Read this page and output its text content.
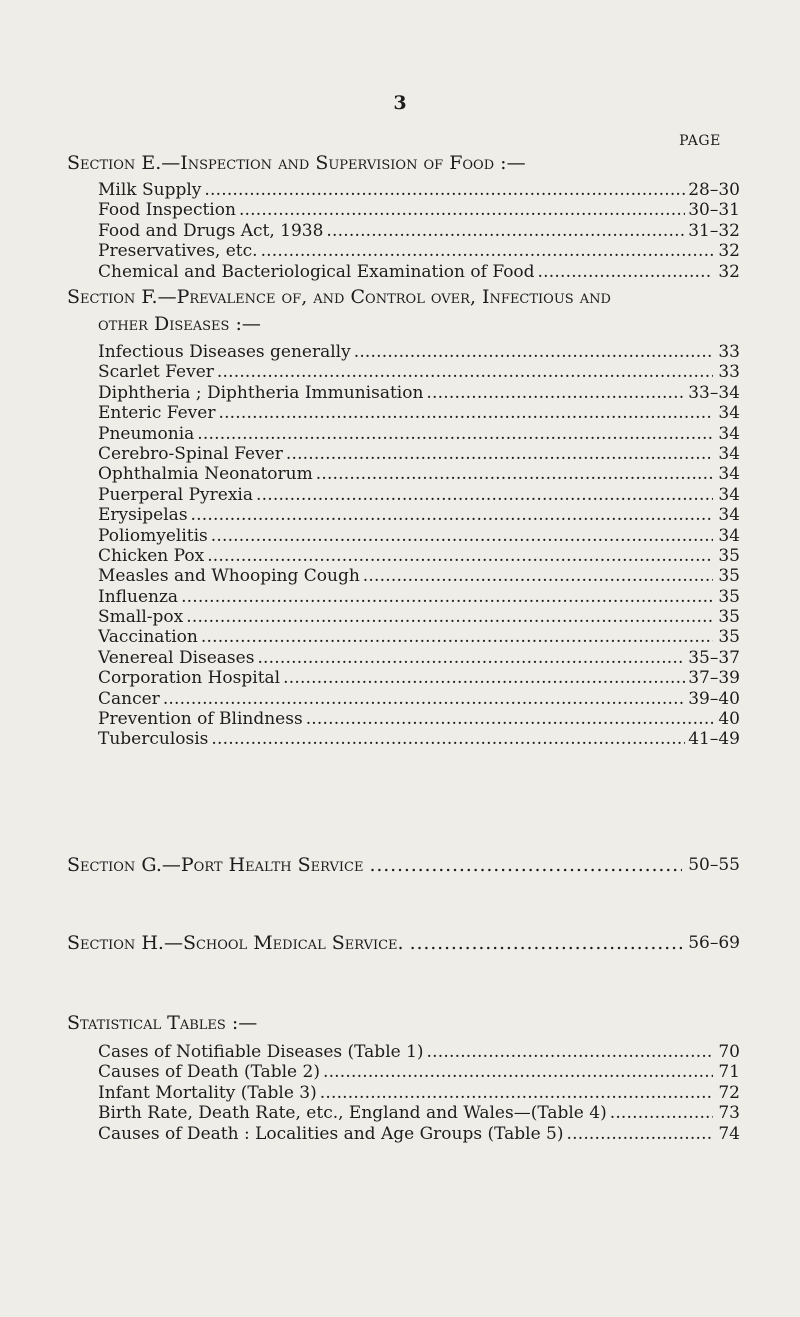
3
PAGE
Section E.—Inspection and Supervision of Food :—
Milk Supply . . .	28–30
Food Inspection . . .	30–31
Food and Drugs Act, 1938 . . .	31–32
Preservatives, etc. . . .	32
Chemical and Bacteriological Examination of Food . . .	32
Section F.—Prevalence of, and Control over, Infectious and
other Diseases :—
Infectious Diseases generally . . .	33
Scarlet Fever . . .	33
Diphtheria ; Diphtheria Immunisation . . .	33–34
Enteric Fever . . .	34
Pneumonia . . .	34
Cerebro-Spinal Fever . . .	34
Ophthalmia Neonatorum . . .	34
Puerperal Pyrexia . . .	34
Erysipelas . . .	34
Poliomyelitis . . .	34
Chicken Pox . . .	35
Measles and Whooping Cough . . .	35
Influenza . . .	35
Small-pox . . .	35
Vaccination . . .	35
Venereal Diseases . . .	35–37
Corporation Hospital . . .	37–39
Cancer . . .	39–40
Prevention of Blindness . . .	40
Tuberculosis . . .	41–49
Section G.—Port Health Service . . .	50–55
Section H.—School Medical Service. . . .	56–69
Statistical Tables :—
Cases of Notifiable Diseases (Table 1) . . .	70
Causes of Death (Table 2) . . .	71
Infant Mortality (Table 3) . . .	72
Birth Rate, Death Rate, etc., England and Wales—(Table 4) . . .	73
Causes of Death : Localities and Age Groups (Table 5) . . .	74
